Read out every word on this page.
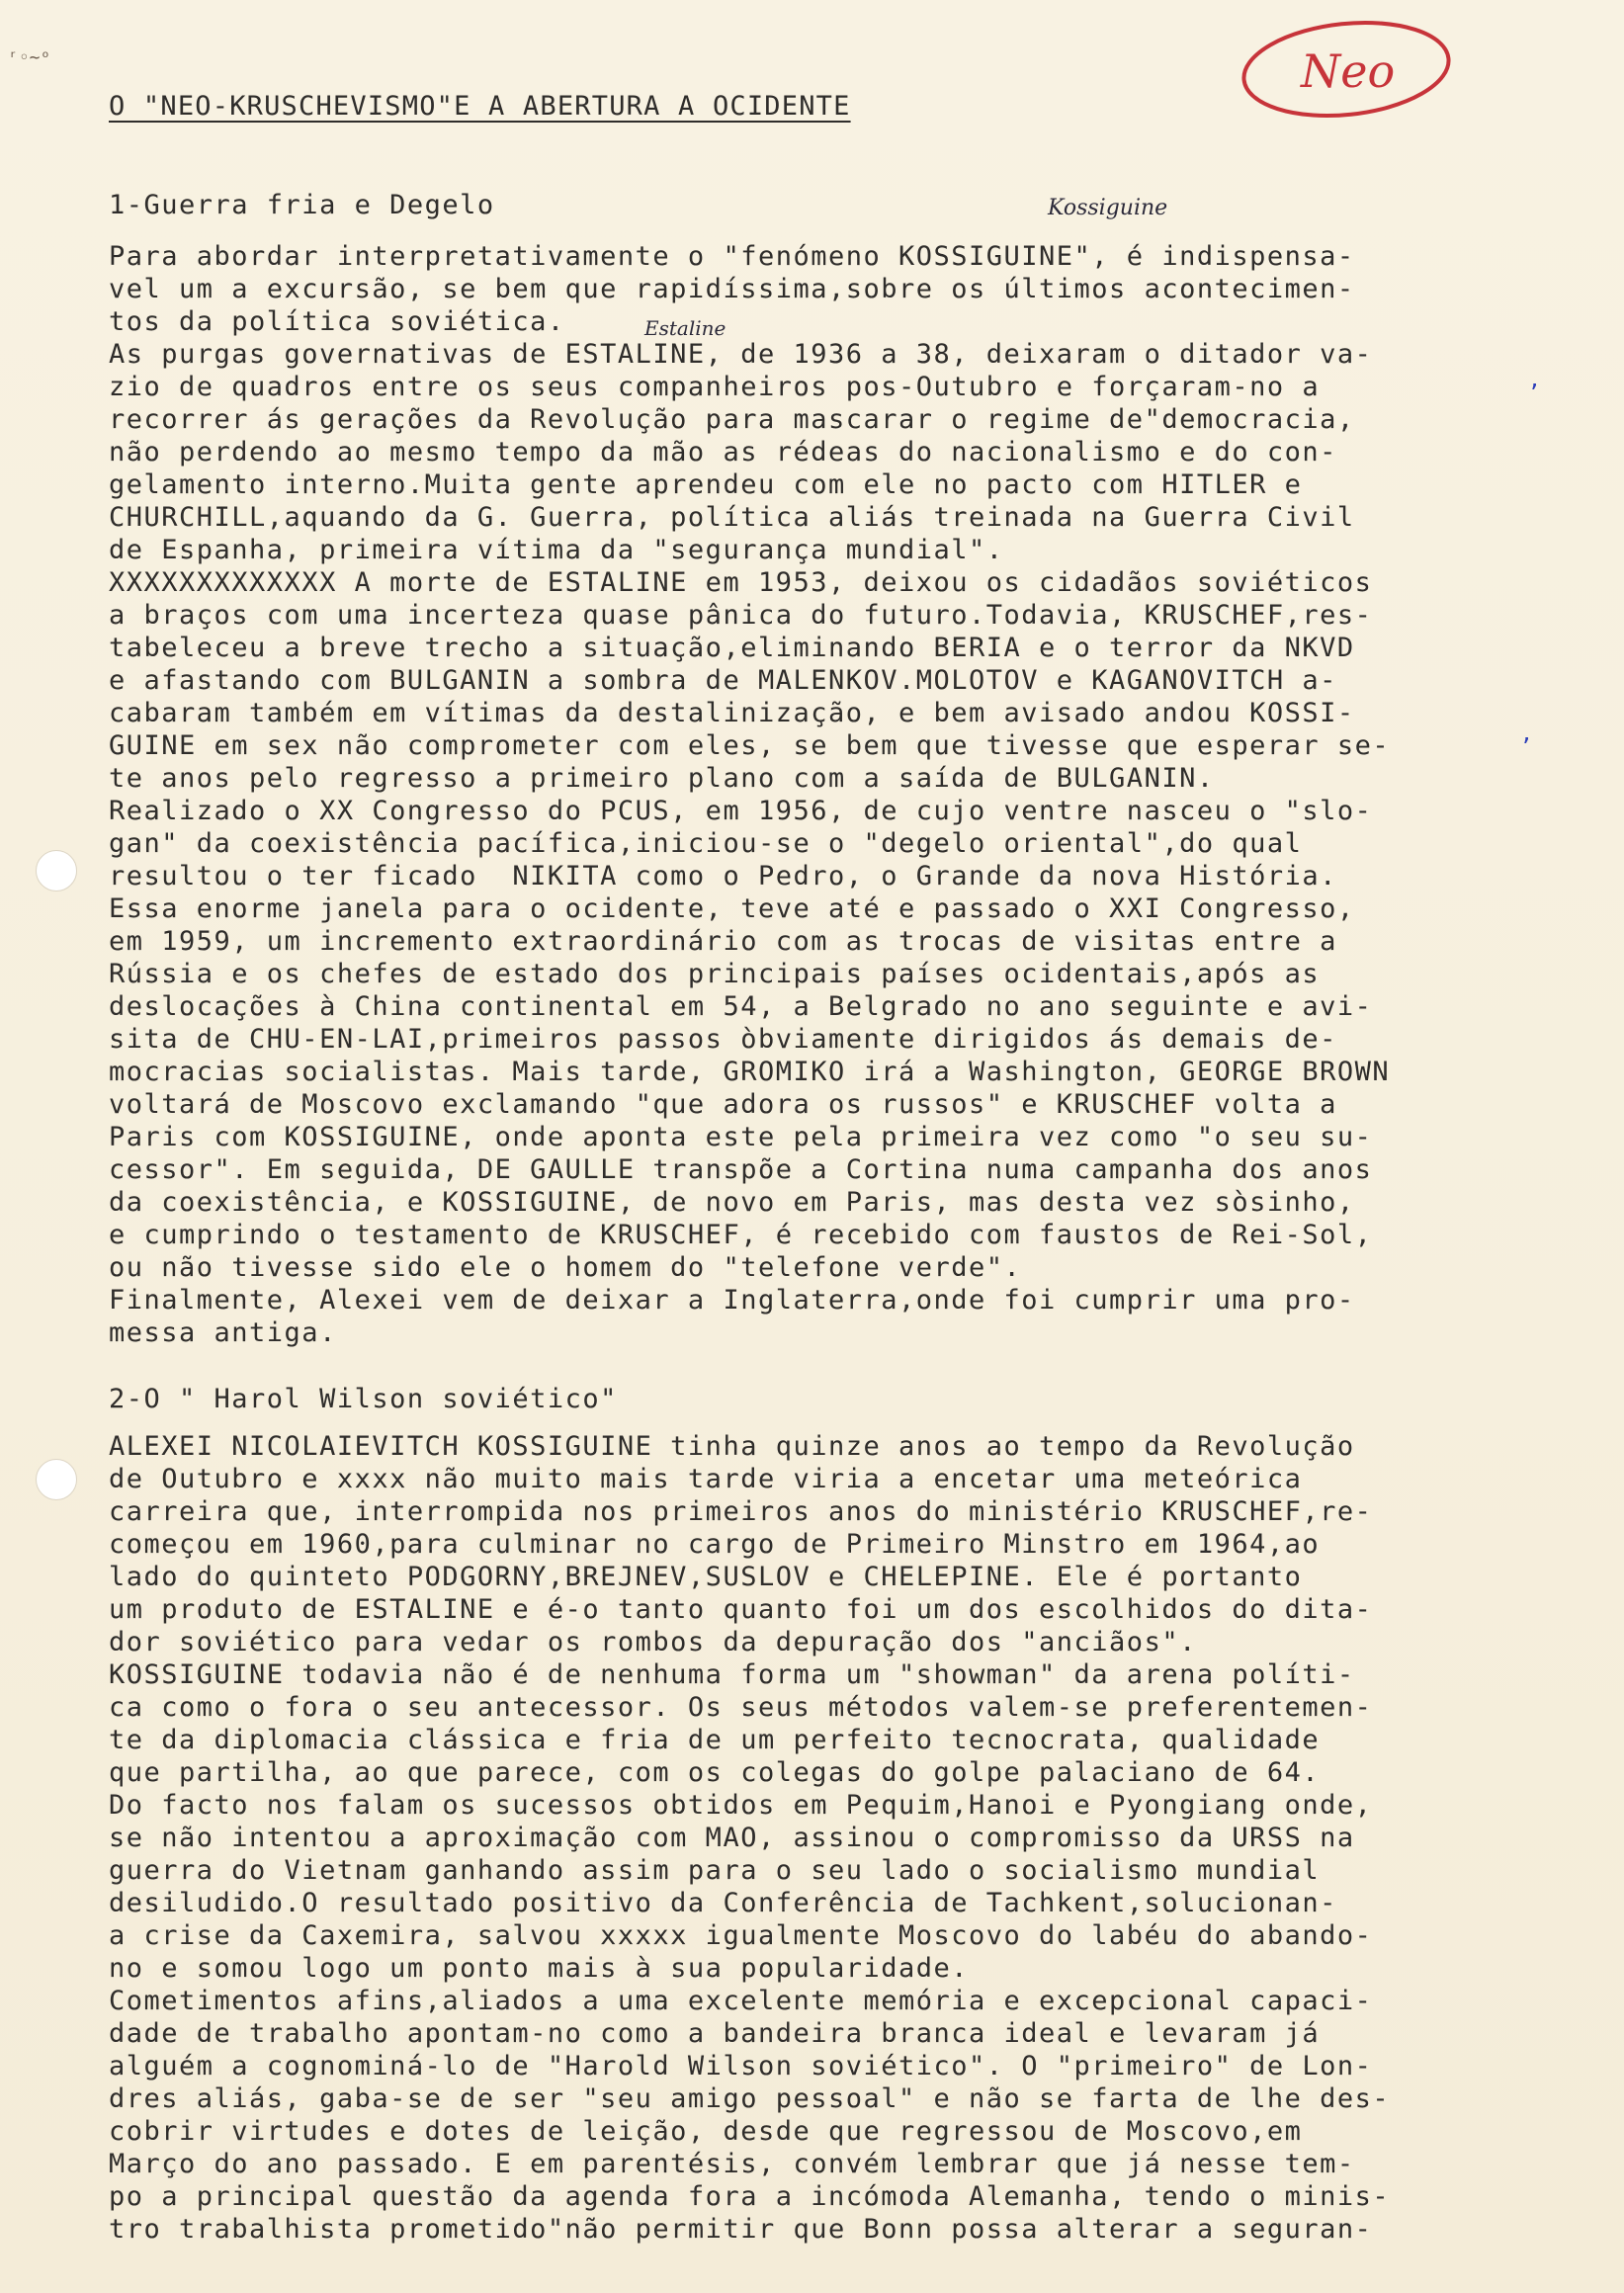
ʳ◦~ᵒ	Neo

O "NEO-KRUSCHEVISMO"E A ABERTURA A OCIDENTE

1-Guerra fria e Degelo	Kossiguine
Estaline
Para abordar interpretativamente o "fenómeno KOSSIGUINE", é indispensa-
vel um a excursão, se bem que rapidíssima,sobre os últimos acontecimen-
tos da política soviética.
As purgas governativas de ESTALINE, de 1936 a 38, deixaram o ditador va-
zio de quadros entre os seus companheiros pos-Outubro e forçaram-no a
recorrer ás gerações da Revolução para mascarar o regime de"democracia,
não perdendo ao mesmo tempo da mão as rédeas do nacionalismo e do con-
gelamento interno.Muita gente aprendeu com ele no pacto com HITLER e
CHURCHILL,aquando da G. Guerra, política aliás treinada na Guerra Civil
de Espanha, primeira vítima da "segurança mundial".
XXXXXXXXXXXXX A morte de ESTALINE em 1953, deixou os cidadãos soviéticos
a braços com uma incerteza quase pânica do futuro.Todavia, KRUSCHEF,res-
tabeleceu a breve trecho a situação,eliminando BERIA e o terror da NKVD
e afastando com BULGANIN a sombra de MALENKOV.MOLOTOV e KAGANOVITCH a-
cabaram também em vítimas da destalinização, e bem avisado andou KOSSI-
GUINE em sex não comprometer com eles, se bem que tivesse que esperar se-
te anos pelo regresso a primeiro plano com a saída de BULGANIN.
Realizado o XX Congresso do PCUS, em 1956, de cujo ventre nasceu o "slo-
gan" da coexistência pacífica,iniciou-se o "degelo oriental",do qual
resultou o ter ficado  NIKITA como o Pedro, o Grande da nova História.
Essa enorme janela para o ocidente, teve até e passado o XXI Congresso,
em 1959, um incremento extraordinário com as trocas de visitas entre a
Rússia e os chefes de estado dos principais países ocidentais,após as
deslocações à China continental em 54, a Belgrado no ano seguinte e avi-
sita de CHU-EN-LAI,primeiros passos òbviamente dirigidos ás demais de-
mocracias socialistas. Mais tarde, GROMIKO irá a Washington, GEORGE BROWN
voltará de Moscovo exclamando "que adora os russos" e KRUSCHEF volta a
Paris com KOSSIGUINE, onde aponta este pela primeira vez como "o seu su-
cessor". Em seguida, DE GAULLE transpõe a Cortina numa campanha dos anos
da coexistência, e KOSSIGUINE, de novo em Paris, mas desta vez sòsinho,
e cumprindo o testamento de KRUSCHEF, é recebido com faustos de Rei-Sol,
ou não tivesse sido ele o homem do "telefone verde".
Finalmente, Alexei vem de deixar a Inglaterra,onde foi cumprir uma pro-
messa antiga.

2-O " Harol Wilson soviético"

ALEXEI NICOLAIEVITCH KOSSIGUINE tinha quinze anos ao tempo da Revolução
de Outubro e xxxx não muito mais tarde viria a encetar uma meteórica
carreira que, interrompida nos primeiros anos do ministério KRUSCHEF,re-
começou em 1960,para culminar no cargo de Primeiro Minstro em 1964,ao
lado do quinteto PODGORNY,BREJNEV,SUSLOV e CHELEPINE. Ele é portanto
um produto de ESTALINE e é-o tanto quanto foi um dos escolhidos do dita-
dor soviético para vedar os rombos da depuração dos "anciãos".
KOSSIGUINE todavia não é de nenhuma forma um "showman" da arena políti-
ca como o fora o seu antecessor. Os seus métodos valem-se preferentemen-
te da diplomacia clássica e fria de um perfeito tecnocrata, qualidade
que partilha, ao que parece, com os colegas do golpe palaciano de 64.
Do facto nos falam os sucessos obtidos em Pequim,Hanoi e Pyongiang onde,
se não intentou a aproximação com MAO, assinou o compromisso da URSS na
guerra do Vietnam ganhando assim para o seu lado o socialismo mundial
desiludido.O resultado positivo da Conferência de Tachkent,solucionan-
a crise da Caxemira, salvou xxxxx igualmente Moscovo do labéu do abando-
no e somou logo um ponto mais à sua popularidade.
Cometimentos afins,aliados a uma excelente memória e excepcional capaci-
dade de trabalho apontam-no como a bandeira branca ideal e levaram já
alguém a cognominá-lo de "Harold Wilson soviético". O "primeiro" de Lon-
dres aliás, gaba-se de ser "seu amigo pessoal" e não se farta de lhe des-
cobrir virtudes e dotes de leição, desde que regressou de Moscovo,em
Março do ano passado. E em parentésis, convém lembrar que já nesse tem-
po a principal questão da agenda fora a incómoda Alemanha, tendo o minis-
tro trabalhista prometido"não permitir que Bonn possa alterar a seguran-
ʼ
ʼ
